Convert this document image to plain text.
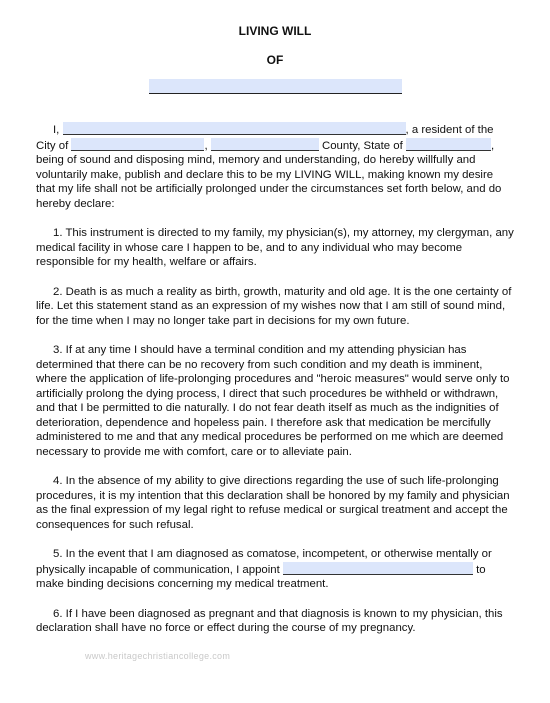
LIVING WILL
OF

I,	, a resident of the City of	,	County, State of	, being of sound and disposing mind, memory and understanding, do hereby willfully and voluntarily make, publish and declare this to be my LIVING WILL, making known my desire that my life shall not be artificially prolonged under the circumstances set forth below, and do hereby declare:

1. This instrument is directed to my family, my physician(s), my attorney, my clergyman, any medical facility in whose care I happen to be, and to any individual who may become responsible for my health, welfare or affairs.

2. Death is as much a reality as birth, growth, maturity and old age. It is the one certainty of life. Let this statement stand as an expression of my wishes now that I am still of sound mind, for the time when I may no longer take part in decisions for my own future.

3. If at any time I should have a terminal condition and my attending physician has determined that there can be no recovery from such condition and my death is imminent, where the application of life-prolonging procedures and "heroic measures" would serve only to artificially prolong the dying process, I direct that such procedures be withheld or withdrawn, and that I be permitted to die naturally. I do not fear death itself as much as the indignities of deterioration, dependence and hopeless pain. I therefore ask that medication be mercifully administered to me and that any medical procedures be performed on me which are deemed necessary to provide me with comfort, care or to alleviate pain.

4. In the absence of my ability to give directions regarding the use of such life-prolonging procedures, it is my intention that this declaration shall be honored by my family and physician as the final expression of my legal right to refuse medical or surgical treatment and accept the consequences for such refusal.

5. In the event that I am diagnosed as comatose, incompetent, or otherwise mentally or physically incapable of communication, I appoint	to make binding decisions concerning my medical treatment.

6. If I have been diagnosed as pregnant and that diagnosis is known to my physician, this declaration shall have no force or effect during the course of my pregnancy.

www.heritagechristiancollege.com
